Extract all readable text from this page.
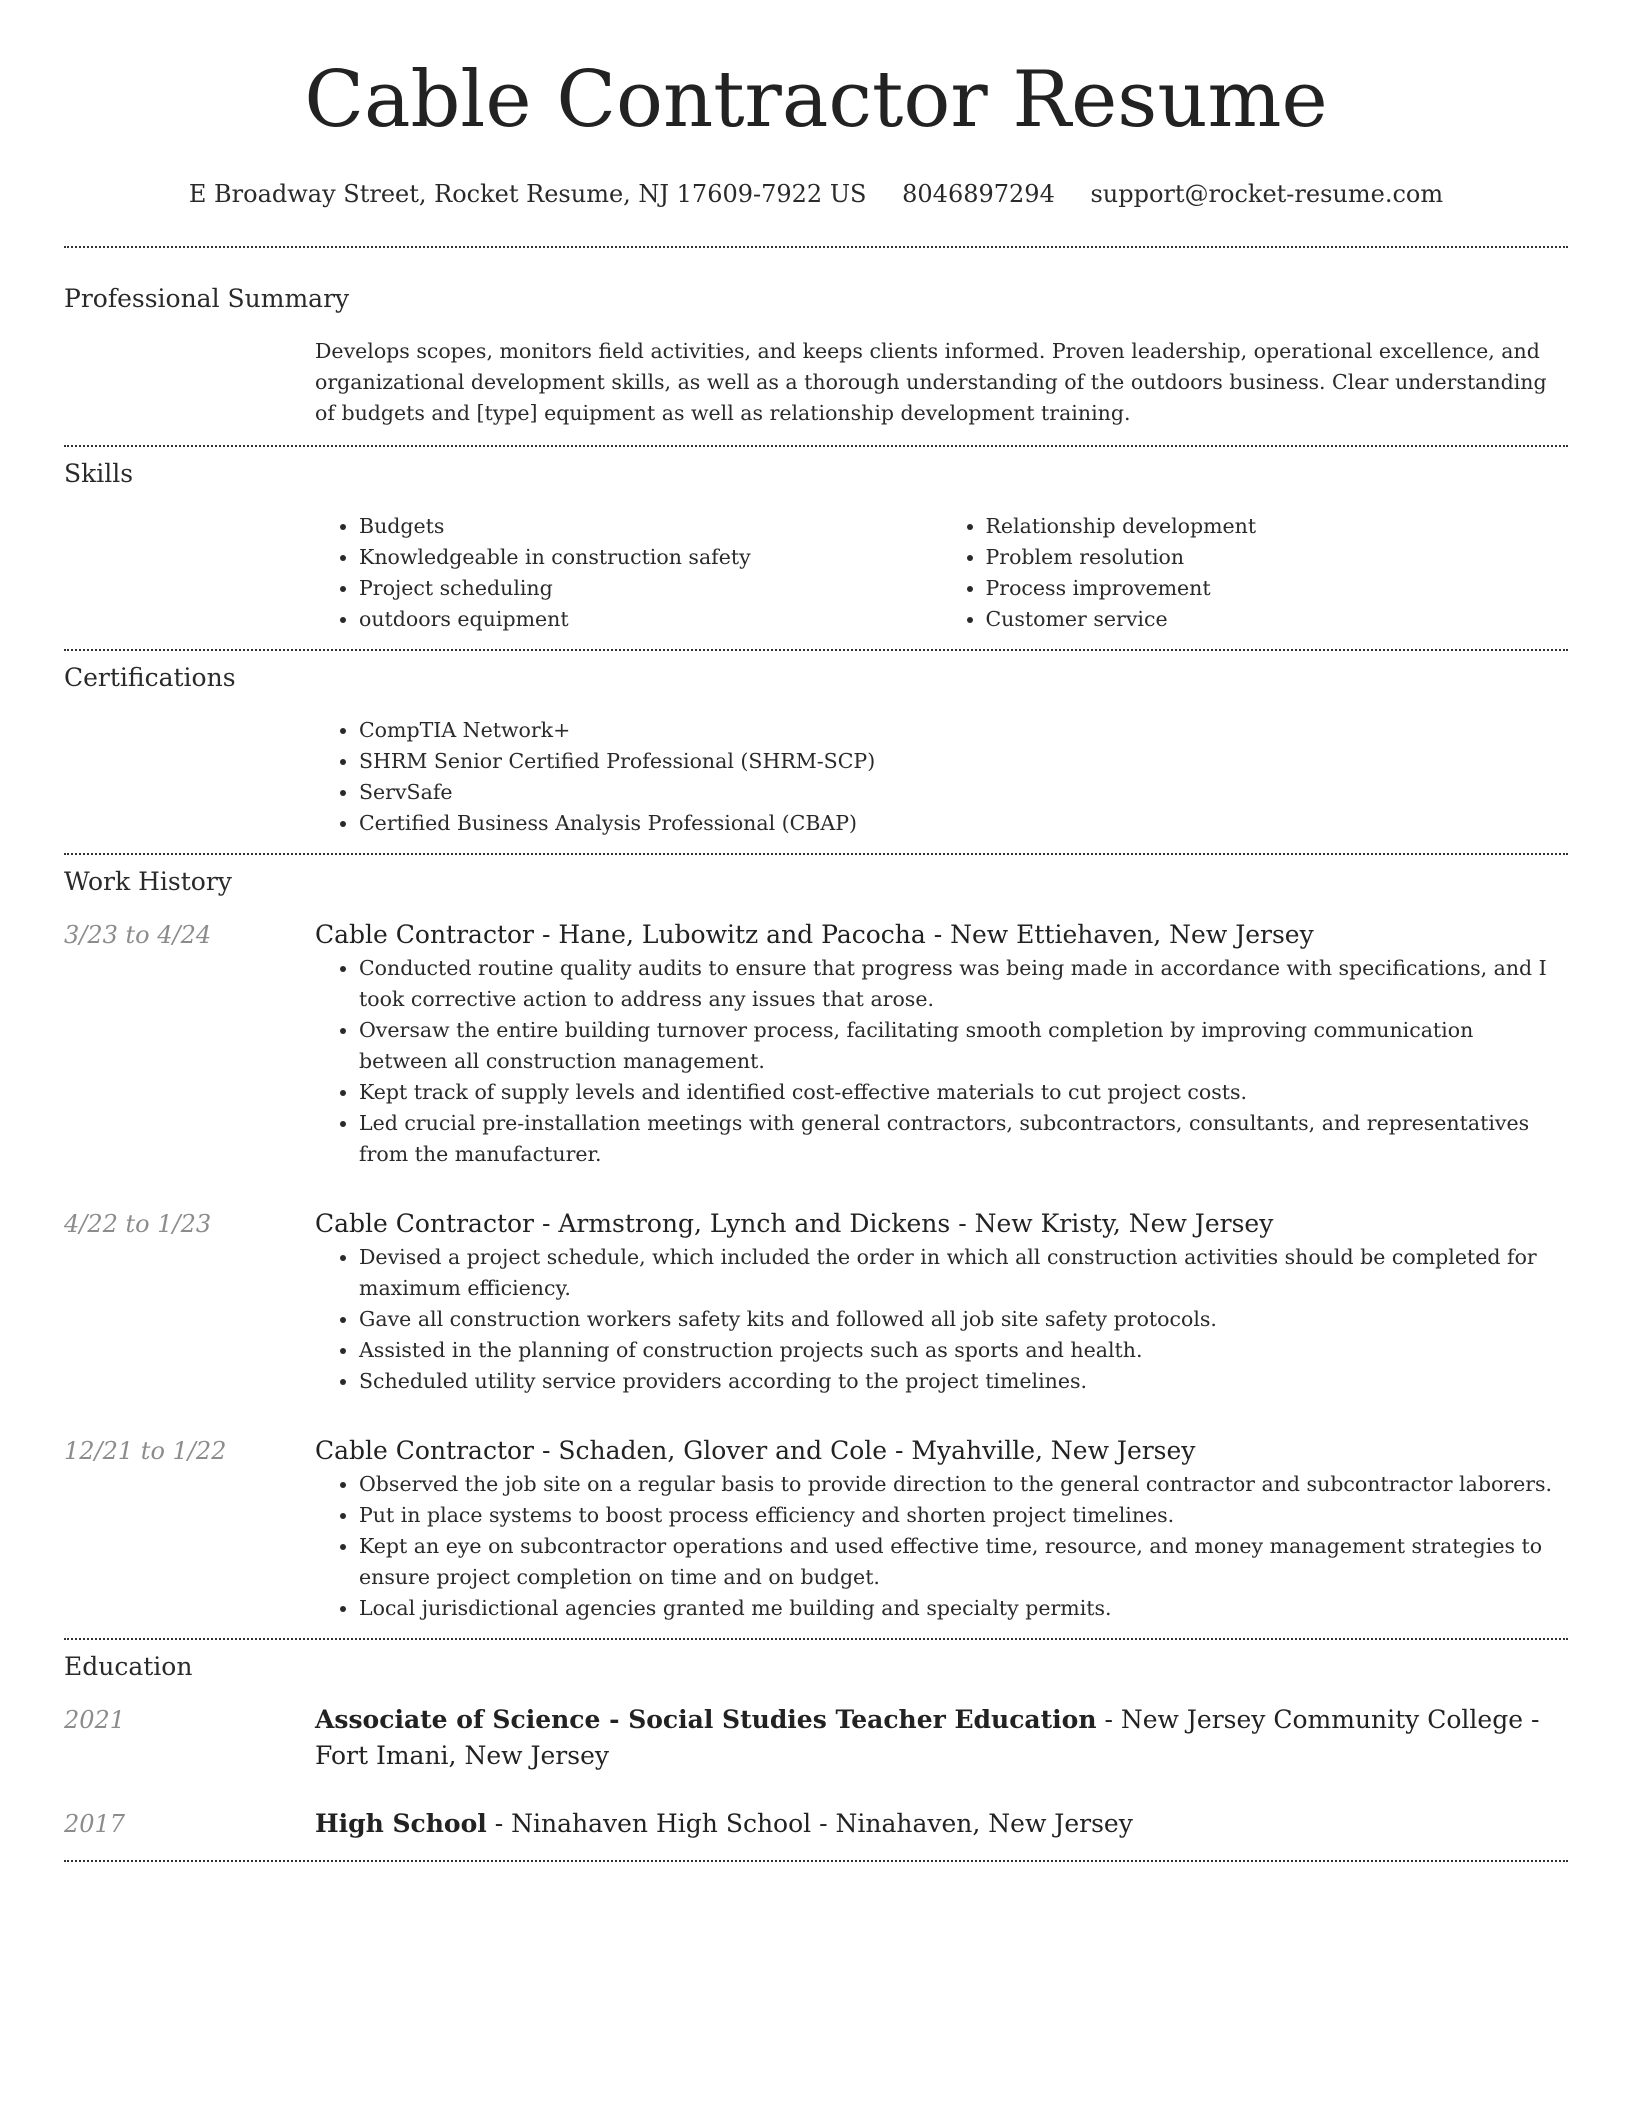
Cable Contractor Resume
E Broadway Street, Rocket Resume, NJ 17609-7922 US 8046897294 support@rocket-resume.com
Professional Summary
Develops scopes, monitors field activities, and keeps clients informed. Proven leadership, operational excellence, and organizational development skills, as well as a thorough understanding of the outdoors business. Clear understanding of budgets and [type] equipment as well as relationship development training.
Skills
• Budgets
• Knowledgeable in construction safety
• Project scheduling
• outdoors equipment
• Relationship development
• Problem resolution
• Process improvement
• Customer service
Certifications
• CompTIA Network+
• SHRM Senior Certified Professional (SHRM-SCP)
• ServSafe
• Certified Business Analysis Professional (CBAP)
Work History
3/23 to 4/24	Cable Contractor - Hane, Lubowitz and Pacocha - New Ettiehaven, New Jersey
• Conducted routine quality audits to ensure that progress was being made in accordance with specifications, and I took corrective action to address any issues that arose.
• Oversaw the entire building turnover process, facilitating smooth completion by improving communication between all construction management.
• Kept track of supply levels and identified cost-effective materials to cut project costs.
• Led crucial pre-installation meetings with general contractors, subcontractors, consultants, and representatives from the manufacturer.
4/22 to 1/23	Cable Contractor - Armstrong, Lynch and Dickens - New Kristy, New Jersey
• Devised a project schedule, which included the order in which all construction activities should be completed for maximum efficiency.
• Gave all construction workers safety kits and followed all job site safety protocols.
• Assisted in the planning of construction projects such as sports and health.
• Scheduled utility service providers according to the project timelines.
12/21 to 1/22	Cable Contractor - Schaden, Glover and Cole - Myahville, New Jersey
• Observed the job site on a regular basis to provide direction to the general contractor and subcontractor laborers.
• Put in place systems to boost process efficiency and shorten project timelines.
• Kept an eye on subcontractor operations and used effective time, resource, and money management strategies to ensure project completion on time and on budget.
• Local jurisdictional agencies granted me building and specialty permits.
Education
2021	Associate of Science - Social Studies Teacher Education - New Jersey Community College - Fort Imani, New Jersey
2017	High School - Ninahaven High School - Ninahaven, New Jersey
